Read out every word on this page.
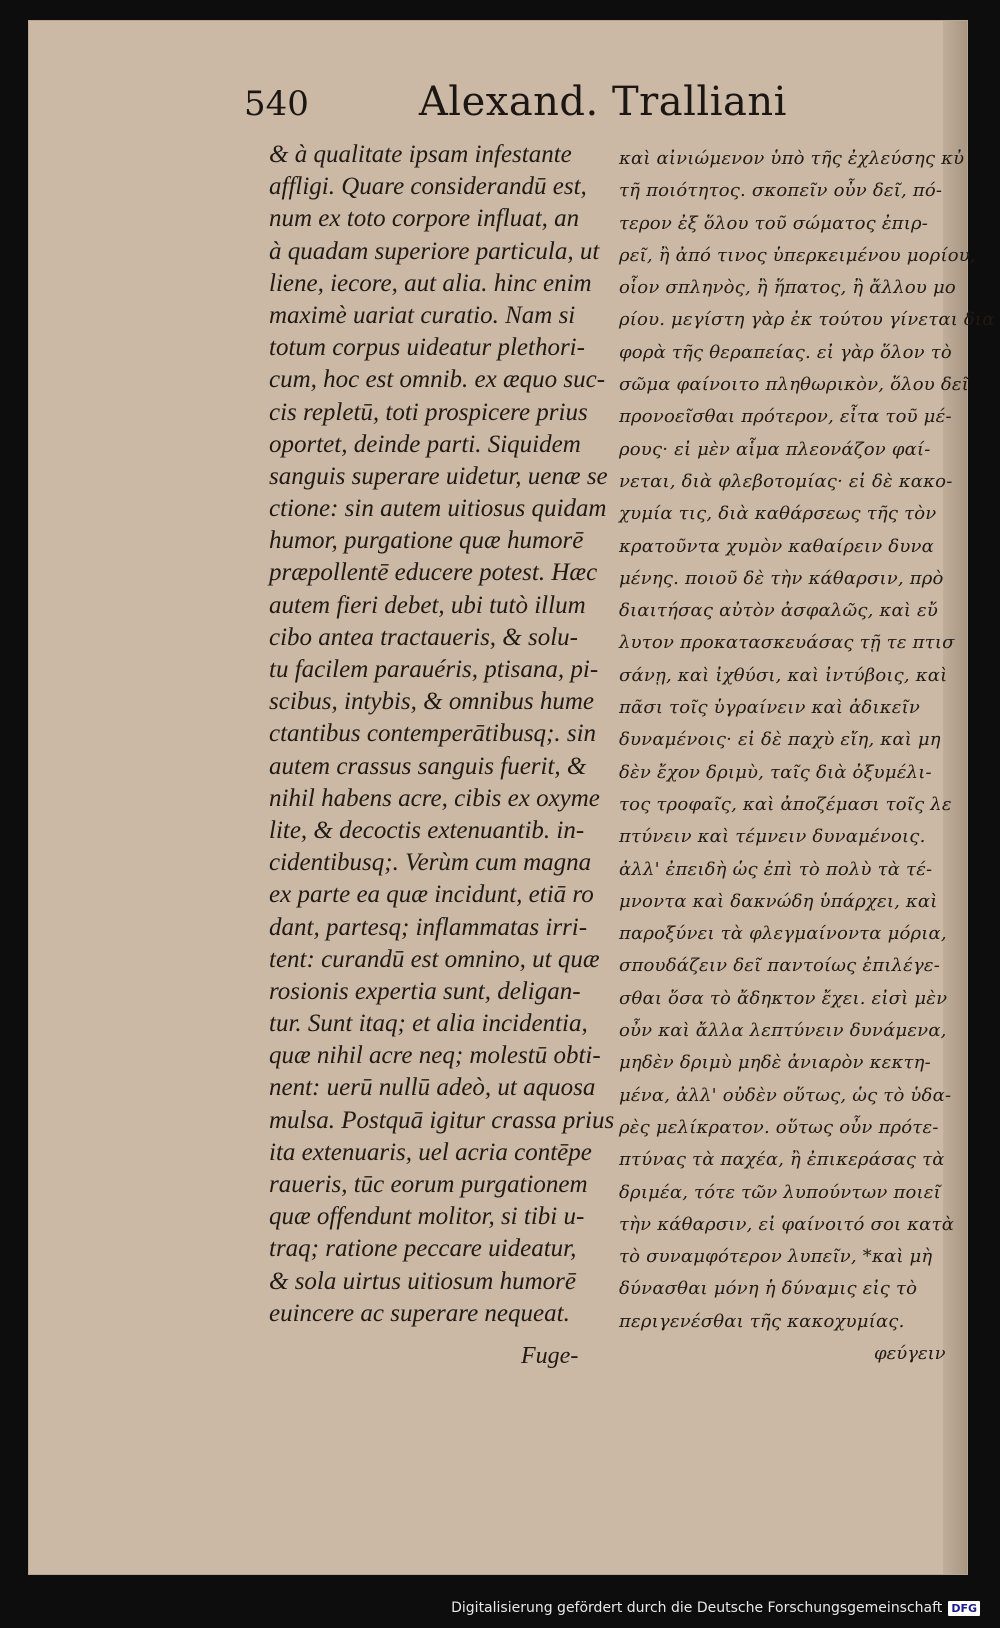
540	Alexand. Tralliani
& à qualitate ipsam infestante
affligi. Quare considerandū est,
num ex toto corpore influat, an
à quadam superiore particula, ut
liene, iecore, aut alia. hinc enim
maximè uariat curatio. Nam si
totum corpus uideatur plethori-
cum, hoc est omnib. ex æquo suc-
cis repletū, toti prospicere prius
oportet, deinde parti. Siquidem
sanguis superare uidetur, uenæ se
ctione: sin autem uitiosus quidam
humor, purgatione quæ humorē
præpollentē educere potest. Hæc
autem fieri debet, ubi tutò illum
cibo antea tractaueris, & solu-
tu facilem parauéris, ptisana, pi-
scibus, intybis, & omnibus hume
ctantibus contemperātibusq;. sin
autem crassus sanguis fuerit, &
nihil habens acre, cibis ex oxyme
lite, & decoctis extenuantib. in-
cidentibusq;. Verùm cum magna
ex parte ea quæ incidunt, etiā ro
dant, partesq; inflammatas irri-
tent: curandū est omnino, ut quæ
rosionis expertia sunt, deligan-
tur. Sunt itaq; et alia incidentia,
quæ nihil acre neq; molestū obti-
nent: uerū nullū adeò, ut aquosa
mulsa. Postquā igitur crassa prius
ita extenuaris, uel acria contēpe
raueris, tūc eorum purgationem
quæ offendunt molitor, si tibi u-
traq; ratione peccare uideatur,
& sola uirtus uitiosum humorē
euincere ac superare nequeat.
καὶ αἰνιώμενον ὑπὸ τῆς ἐχλεύσης κὐ
τῆ ποιότητος. σκοπεῖν οὖν δεῖ, πό-
τερον ἐξ ὅλου τοῦ σώματος ἐπιρ-
ρεῖ, ἢ ἀπό τινος ὑπερκειμένου μορίου,
οἷον σπληνὸς, ἢ ἥπατος, ἢ ἄλλου μο
ρίου. μεγίστη γὰρ ἐκ τούτου γίνεται δια
φορὰ τῆς θεραπείας. εἰ γὰρ ὅλον τὸ
σῶμα φαίνοιτο πληθωρικὸν, ὅλου δεῖ
προνοεῖσθαι πρότερον, εἶτα τοῦ μέ-
ρους· εἰ μὲν αἷμα πλεονάζον φαί-
νεται, διὰ φλεβοτομίας· εἰ δὲ κακο-
χυμία τις, διὰ καθάρσεως τῆς τὸν
κρατοῦντα χυμὸν καθαίρειν δυνα
μένης. ποιοῦ δὲ τὴν κάθαρσιν, πρὸ
διαιτήσας αὐτὸν ἀσφαλῶς, καὶ εὔ
λυτον προκατασκευάσας τῇ τε πτισ
σάνῃ, καὶ ἰχθύσι, καὶ ἰντύβοις, καὶ
πᾶσι τοῖς ὑγραίνειν καὶ ἀδικεῖν
δυναμένοις· εἰ δὲ παχὺ εἴη, καὶ μη
δὲν ἔχον δριμὺ, ταῖς διὰ ὀξυμέλι-
τος τροφαῖς, καὶ ἀποζέμασι τοῖς λε
πτύνειν καὶ τέμνειν δυναμένοις.
ἀλλ' ἐπειδὴ ὡς ἐπὶ τὸ πολὺ τὰ τέ-
μνοντα καὶ δακνώδη ὑπάρχει, καὶ
παροξύνει τὰ φλεγμαίνοντα μόρια,
σπουδάζειν δεῖ παντοίως ἐπιλέγε-
σθαι ὅσα τὸ ἄδηκτον ἔχει. εἰσὶ μὲν
οὖν καὶ ἄλλα λεπτύνειν δυνάμενα,
μηδὲν δριμὺ μηδὲ ἀνιαρὸν κεκτη-
μένα, ἀλλ' οὐδὲν οὕτως, ὡς τὸ ὑδα-
ρὲς μελίκρατον. οὕτως οὖν πρότε-
πτύνας τὰ παχέα, ἢ ἐπικεράσας τὰ
δριμέα, τότε τῶν λυπούντων ποιεῖ
τὴν κάθαρσιν, εἰ φαίνοιτό σοι κατὰ
τὸ συναμφότερον λυπεῖν, *καὶ μὴ
δύνασθαι μόνη ἡ δύναμις εἰς τὸ
περιγενέσθαι τῆς κακοχυμίας.
Fuge-	φεύγειν
Digitalisierung gefördert durch die Deutsche Forschungsgemeinschaft DFG
